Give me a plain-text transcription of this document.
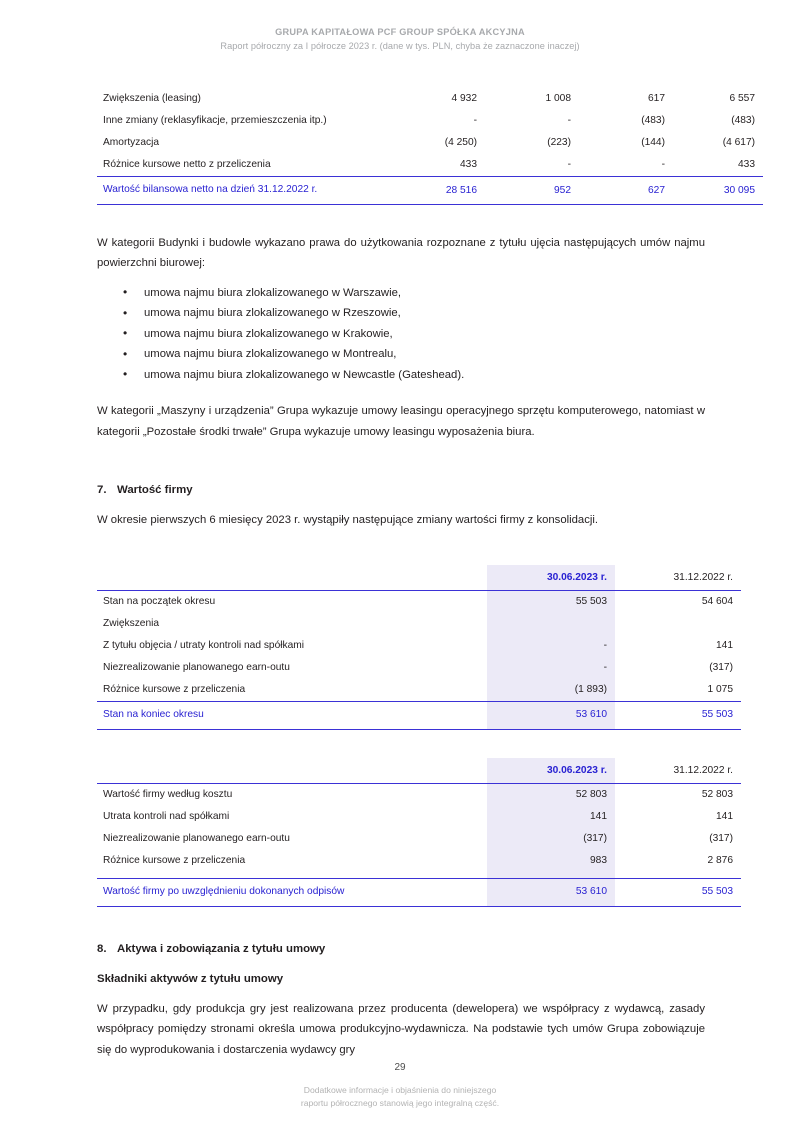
GRUPA KAPITAŁOWA PCF GROUP SPÓŁKA AKCYJNA
Raport półroczny za I półrocze 2023 r. (dane w tys. PLN, chyba że zaznaczone inaczej)
Zwiększenia (leasing)	4 932	1 008	617	6 557
Inne zmiany (reklasyfikacje, przemieszczenia itp.)	-	-	(483)	(483)
Amortyzacja	(4 250)	(223)	(144)	(4 617)
Różnice kursowe netto z przeliczenia	433	-	-	433
Wartość bilansowa netto na dzień 31.12.2022 r.	28 516	952	627	30 095

W kategorii Budynki i budowle wykazano prawa do użytkowania rozpoznane z tytułu ujęcia następujących umów najmu powierzchni biurowej:

• umowa najmu biura zlokalizowanego w Warszawie,
• umowa najmu biura zlokalizowanego w Rzeszowie,
• umowa najmu biura zlokalizowanego w Krakowie,
• umowa najmu biura zlokalizowanego w Montrealu,
• umowa najmu biura zlokalizowanego w Newcastle (Gateshead).

W kategorii „Maszyny i urządzenia” Grupa wykazuje umowy leasingu operacyjnego sprzętu komputerowego, natomiast w kategorii „Pozostałe środki trwałe” Grupa wykazuje umowy leasingu wyposażenia biura.

7. Wartość firmy

W okresie pierwszych 6 miesięcy 2023 r. wystąpiły następujące zmiany wartości firmy z konsolidacji.

	30.06.2023 r.	31.12.2022 r.
Stan na początek okresu	55 503	54 604
Zwiększenia		
Z tytułu objęcia / utraty kontroli nad spółkami	-	141
Niezrealizowanie planowanego earn-outu	-	(317)
Różnice kursowe z przeliczenia	(1 893)	1 075
Stan na koniec okresu	53 610	55 503
	30.06.2023 r.	31.12.2022 r.
Wartość firmy według kosztu	52 803	52 803
Utrata kontroli nad spółkami	141	141
Niezrealizowanie planowanego earn-outu	(317)	(317)
Różnice kursowe z przeliczenia	983	2 876

Wartość firmy po uwzględnieniu dokonanych odpisów	53 610	55 503
8. Aktywa i zobowiązania z tytułu umowy
Składniki aktywów z tytułu umowy

W przypadku, gdy produkcja gry jest realizowana przez producenta (dewelopera) we współpracy z wydawcą, zasady współpracy pomiędzy stronami określa umowa produkcyjno-wydawnicza. Na podstawie tych umów Grupa zobowiązuje się do wyprodukowania i dostarczenia wydawcy gry

29
Dodatkowe informacje i objaśnienia do niniejszego
raportu półrocznego stanowią jego integralną część.
